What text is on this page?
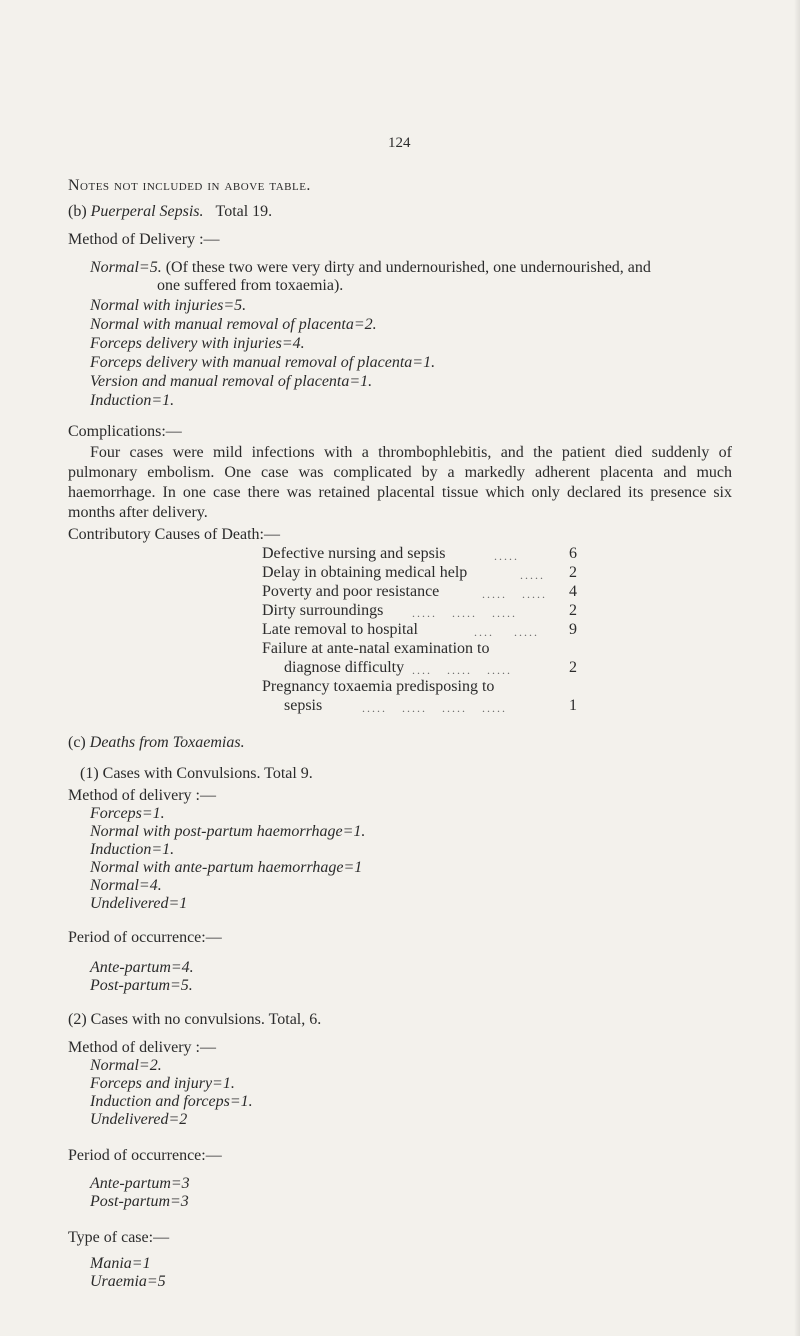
124
Notes not included in above table.
(b) Puerperal Sepsis. Total 19.
Method of Delivery :—
Normal=5. (Of these two were very dirty and undernourished, one undernourished, and
one suffered from toxaemia).
Normal with injuries=5.
Normal with manual removal of placenta=2.
Forceps delivery with injuries=4.
Forceps delivery with manual removal of placenta=1.
Version and manual removal of placenta=1.
Induction=1.
Complications:—
Four cases were mild infections with a thrombophlebitis, and the patient died suddenly of pulmonary embolism. One case was complicated by a markedly adherent placenta and much haemorrhage. In one case there was retained placental tissue which only declared its presence six months after delivery.
Contributory Causes of Death:—
Defective nursing and sepsis	.....	6
Delay in obtaining medical help	.....	2
Poverty and poor resistance	.....   .....	4
Dirty surroundings .....   .....   .....	2
Late removal to hospital	....    .....	9
Failure at ante-natal examination to
diagnose difficulty ....   .....   .....	2
Pregnancy toxaemia predisposing to
sepsis	.....   .....   .....   .....	1
(c) Deaths from Toxaemias.
(1) Cases with Convulsions. Total 9.
Method of delivery :—
Forceps=1.
Normal with post-partum haemorrhage=1.
Induction=1.
Normal with ante-partum haemorrhage=1
Normal=4.
Undelivered=1
Period of occurrence:—
Ante-partum=4.
Post-partum=5.
(2) Cases with no convulsions. Total, 6.
Method of delivery :—
Normal=2.
Forceps and injury=1.
Induction and forceps=1.
Undelivered=2
Period of occurrence:—
Ante-partum=3
Post-partum=3
Type of case:—
Mania=1
Uraemia=5
